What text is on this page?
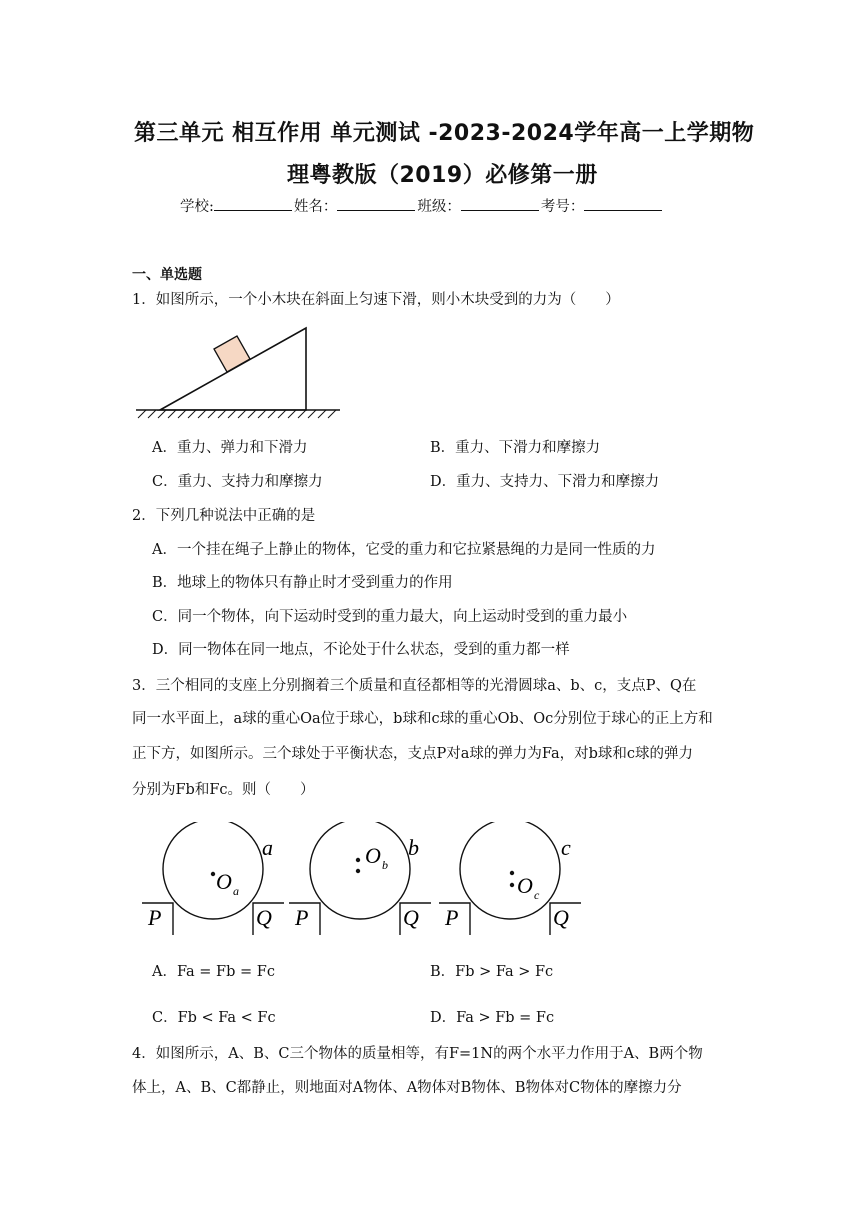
第三单元 相互作用 单元测试 -2023-2024学年高一上学期物
理粤教版（2019）必修第一册
学校:	姓名：	班级：	考号：
一、单选题
1．如图所示，一个小木块在斜面上匀速下滑，则小木块受到的力为（　　）
A．重力、弹力和下滑力	B．重力、下滑力和摩擦力
C．重力、支持力和摩擦力	D．重力、支持力、下滑力和摩擦力
2．下列几种说法中正确的是
A．一个挂在绳子上静止的物体，它受的重力和它拉紧悬绳的力是同一性质的力
B．地球上的物体只有静止时才受到重力的作用
C．同一个物体，向下运动时受到的重力最大，向上运动时受到的重力最小
D．同一物体在同一地点，不论处于什么状态，受到的重力都一样
3．三个相同的支座上分别搁着三个质量和直径都相等的光滑圆球a、b、c，支点P、Q在
同一水平面上，a球的重心Oa位于球心，b球和c球的重心Ob、Oc分别位于球心的正上方和
正下方，如图所示。三个球处于平衡状态，支点P对a球的弹力为Fa，对b球和c球的弹力
分别为Fb和Fc。则（　　）
O a
a
P	Q
O b
b
P	Q
O c
c
P	Q
A．Fa = Fb = Fc	B．Fb > Fa > Fc
C．Fb < Fa < Fc	D．Fa > Fb = Fc
4．如图所示，A、B、C三个物体的质量相等，有F=1N的两个水平力作用于A、B两个物
体上，A、B、C都静止，则地面对A物体、A物体对B物体、B物体对C物体的摩擦力分
